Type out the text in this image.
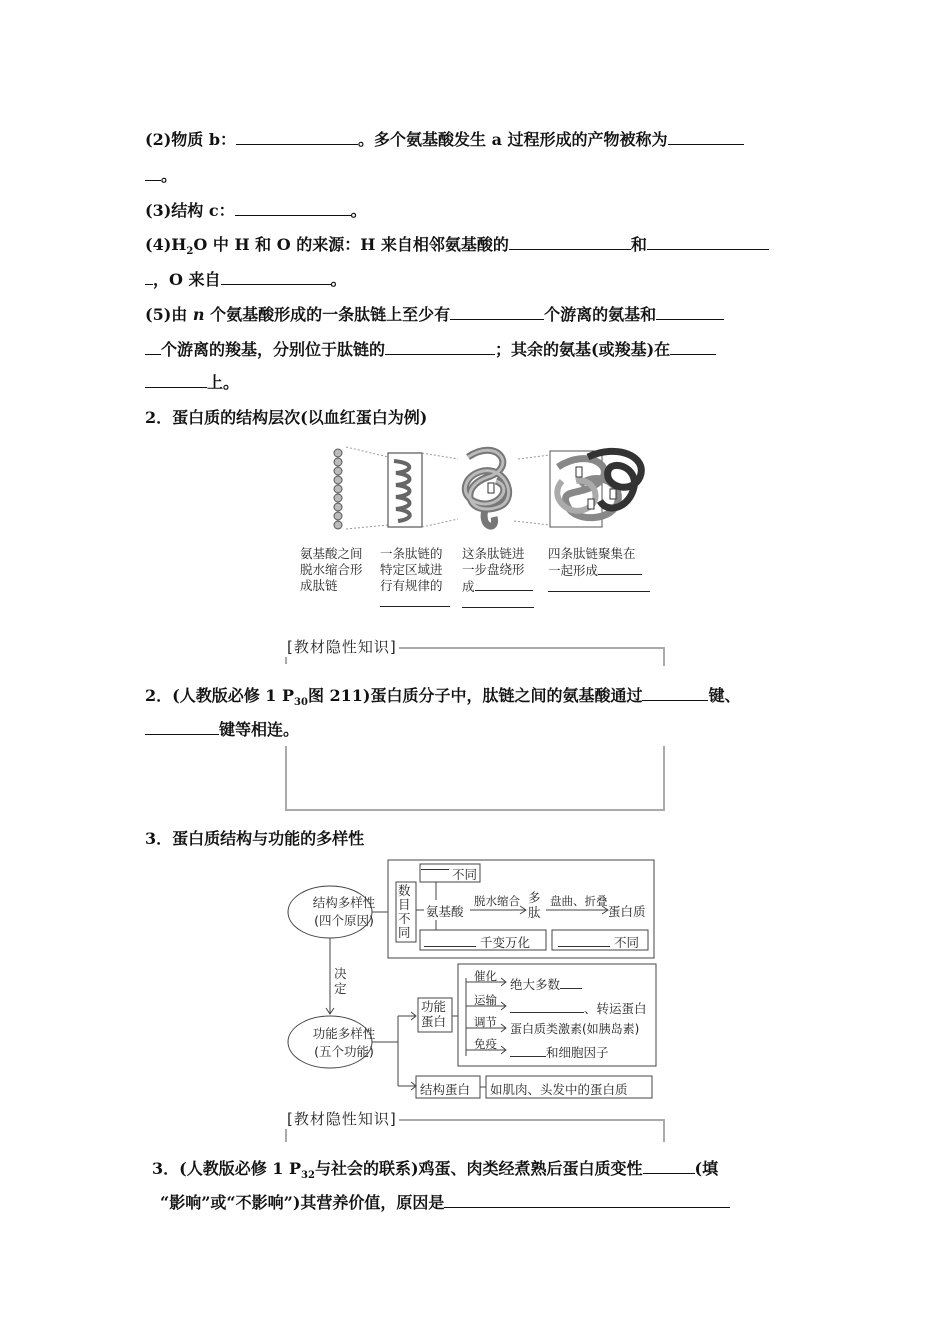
(2)物质 b：	。多个氨基酸发生 a 过程形成的产物被称为
。
(3)结构 c：	。
$(4)H_2O$ 中 H 和 O 的来源：H 来自相邻氨基酸的	和
，O 来自	。
(5)由 n 个氨基酸形成的一条肽链上至少有	个游离的氨基和
个游离的羧基，分别位于肽链的	；其余的氨基(或羧基)在
上。
2．蛋白质的结构层次(以血红蛋白为例)
氨基酸之间
脱水缩合形
成肽链
一条肽链的
特定区域进
行有规律的
这条肽链进
一步盘绕形
成
四条肽链聚集在
一起形成
[教材隐性知识]
2．(人教版必修 1 $P_{30}$图 211)蛋白质分子中，肽链之间的氨基酸通过	键、
键等相连。
3．蛋白质结构与功能的多样性
结构多样性
(四个原因)
功能多样性
(五个功能)
决
定
数
目
不
同
不同
氨基酸
脱水缩合 多
肽
盘曲、折叠
蛋白质
千变万化	不同
功能
蛋白
催化
绝大多数
运输
、转运蛋白
调节 蛋白质类激素(如胰岛素)
免疫
和细胞因子
结构蛋白 如肌肉、头发中的蛋白质
[教材隐性知识]
3．(人教版必修 1 $P_{32}$与社会的联系)鸡蛋、肉类经煮熟后蛋白质变性	(填
“影响”或“不影响”)其营养价值，原因是
